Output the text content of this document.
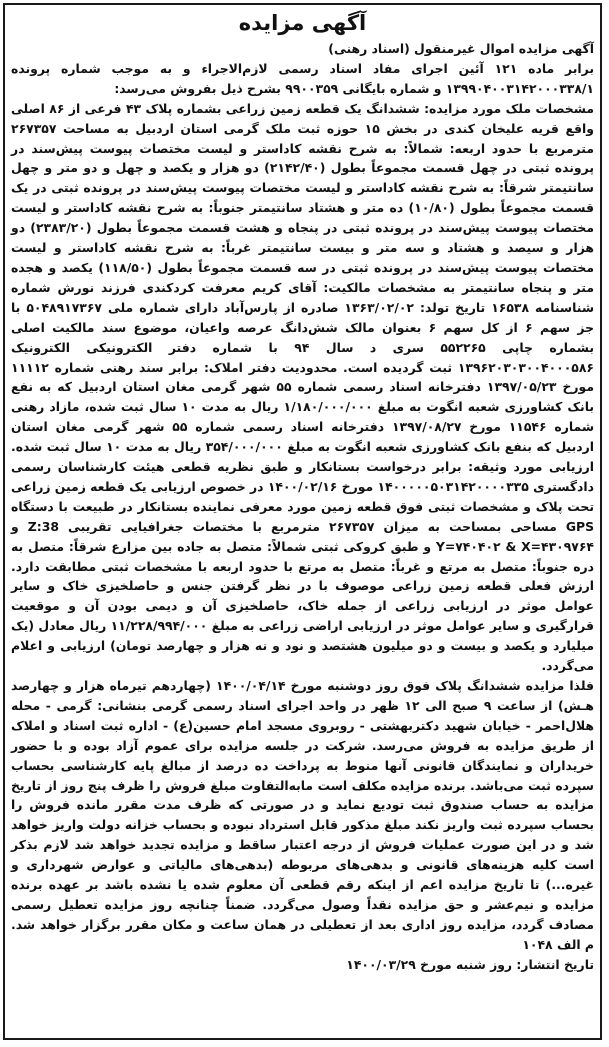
آگهی مزایده

آگهی مزایده اموال غیرمنقول (اسناد رهنی)

برابر ماده ۱۲۱ آئین اجرای مفاد اسناد رسمی لازم‌الاجراء و به موجب شماره پرونده ۱۳۹۹۰۴۰۰۳۱۴۲۰۰۰۳۳۸/۱ و شماره بایگانی ۹۹۰۰۳۵۹ بشرح ذیل بفروش می‌رسد:

مشخصات ملک مورد مزایده: ششدانگ یک قطعه زمین زراعی بشماره پلاک ۴۳ فرعی از ۸۶ اصلی واقع قریه علیخان کندی در بخش ۱۵ حوزه ثبت ملک گرمی استان اردبیل به مساحت ۲۶۷۳۵۷ مترمربع با حدود اربعه: شمالاً: به شرح نقشه کاداستر و لیست مختصات پیوست پیش‌سند در پرونده ثبتی در چهل قسمت مجموعاً بطول (۲۱۴۲/۴۰) دو هزار و یکصد و چهل و دو متر و چهل سانتیمتر شرقاً: به شرح نقشه کاداستر و لیست مختصات پیوست پیش‌سند در پرونده ثبتی در یک قسمت مجموعاً بطول (۱۰/۸۰) ده متر و هشتاد سانتیمتر جنوباً: به شرح نقشه کاداستر و لیست مختصات پیوست پیش‌سند در پرونده ثبتی در پنجاه و هشت قسمت مجموعاً بطول (۲۳۸۳/۲۰) دو هزار و سیصد و هشتاد و سه متر و بیست سانتیمتر غرباً: به شرح نقشه کاداستر و لیست مختصات پیوست پیش‌سند در پرونده ثبتی در سه قسمت مجموعاً بطول (۱۱۸/۵۰) یکصد و هجده متر و پنجاه سانتیمتر به مشخصات مالکیت: آقای کریم معرفت کردکندی فرزند نورش شماره شناسنامه ۱۶۵۳۸ تاریخ تولد: ۱۳۶۳/۰۲/۰۲ صادره از پارس‌آباد دارای شماره ملی ۵۰۴۸۹۱۷۳۶۷ با جز سهم ۶ از کل سهم ۶ بعنوان مالک شش‌دانگ عرصه واعیان، موضوع سند مالکیت اصلی بشماره چاپی ۵۵۲۲۶۵ سری د سال ۹۴ با شماره دفتر الکترونیکی الکترونیک ۱۳۹۶۲۰۳۰۳۰۰۴۰۰۰۵۸۶ ثبت گردیده است. محدودیت دفتر املاک: برابر سند رهنی شماره ۱۱۱۱۲ مورخ ۱۳۹۷/۰۵/۲۳ دفترخانه اسناد رسمی شماره ۵۵ شهر گرمی مغان استان اردبیل که به نفع بانک کشاورزی شعبه انگوت به مبلغ ۱/۱۸۰/۰۰۰/۰۰۰ ریال به مدت ۱۰ سال ثبت شده، مازاد رهنی شماره ۱۱۵۴۶ مورخ ۱۳۹۷/۰۸/۲۷ دفترخانه اسناد رسمی شماره ۵۵ شهر گرمی مغان استان اردبیل که بنفع بانک کشاورزی شعبه انگوت به مبلغ ۳۵۴/۰۰۰/۰۰۰ ریال به مدت ۱۰ سال ثبت شده. ارزیابی مورد وثیقه: برابر درخواست بستانکار و طبق نظریه قطعی هیئت کارشناسان رسمی دادگستری ۱۴۰۰۰۰۰۵۰۳۱۴۲۰۰۰۰۳۳۵ مورخ ۱۴۰۰/۰۲/۱۶ در خصوص ارزیابی یک قطعه زمین زراعی تحت پلاک و مشخصات ثبتی فوق قطعه زمین مورد معرفی نماینده بستانکار در طبیعت با دستگاه GPS مساحی بمساحت به میزان ۲۶۷۳۵۷ مترمربع با مختصات جغرافیایی تقریبی Z:38 و Y=۷۴۰۴۰۲ & X=۴۳۰۹۷۶۴ و طبق کروکی ثبتی شمالاً: متصل به جاده بین مزارع شرقاً: متصل به دره جنوباً: متصل به مرتع و غرباً: متصل به مرتع با حدود اربعه با مشخصات ثبتی مطابقت دارد. ارزش فعلی قطعه زمین زراعی موصوف با در نظر گرفتن جنس و حاصلخیزی خاک و سایر عوامل موثر در ارزیابی زراعی از جمله خاک، حاصلخیزی آن و دیمی بودن آن و موقعیت قرارگیری و سایر عوامل موثر در ارزیابی اراضی زراعی به مبلغ ۱۱/۲۲۸/۹۹۴/۰۰۰ ریال معادل (یک میلیارد و یکصد و بیست و دو میلیون هشتصد و نود و نه هزار و چهارصد تومان) ارزیابی و اعلام می‌گردد.

فلذا مزایده ششدانگ پلاک فوق روز دوشنبه مورخ ۱۴۰۰/۰۴/۱۴ (چهاردهم تیرماه هزار و چهارصد هـش) از ساعت ۹ صبح الی ۱۲ ظهر در واحد اجرای اسناد رسمی گرمی بنشانی: گرمی - محله هلال‌احمر - خیابان شهید دکتربهشتی - روبروی مسجد امام حسین(ع) - اداره ثبت اسناد و املاک از طریق مزایده به فروش می‌رسد. شرکت در جلسه مزایده برای عموم آزاد بوده و با حضور خریداران و نمایندگان قانونی آنها منوط به پرداخت ده درصد از مبالغ پایه کارشناسی بحساب سپرده ثبت می‌باشد. برنده مزایده مکلف است مابه‌التفاوت مبلغ فروش را ظرف پنج روز از تاریخ مزایده به حساب صندوق ثبت تودیع نماید و در صورتی که ظرف مدت مقرر مانده فروش را بحساب سپرده ثبت واریز نکند مبلغ مذکور قابل استرداد نبوده و بحساب خزانه دولت واریز خواهد شد و در این صورت عملیات فروش از درجه اعتبار ساقط و مزایده تجدید خواهد شد لازم بذکر است کلیه هزینه‌های قانونی و بدهی‌های مربوطه (بدهی‌های مالیاتی و عوارض شهرداری و غیره...) تا تاریخ مزایده اعم از اینکه رقم قطعی آن معلوم شده یا نشده باشد بر عهده برنده مزایده و نیم‌عشر و حق مزایده نقداً وصول می‌گردد. ضمناً چنانچه روز مزایده تعطیل رسمی مصادف گردد، مزایده روز اداری بعد از تعطیلی در همان ساعت و مکان مقرر برگزار خواهد شد. م الف ۱۰۴۸

تاریخ انتشار: روز شنبه مورخ ۱۴۰۰/۰۳/۲۹
